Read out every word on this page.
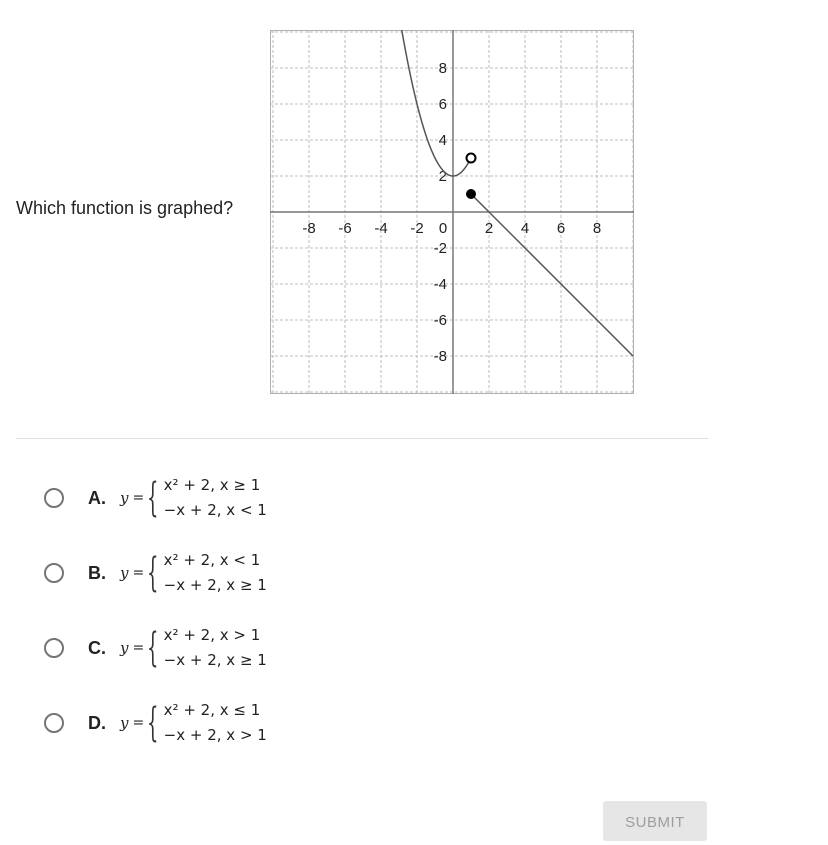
Which function is graphed?
-8 -6 -4 -2 0	2 4 6 8
8
6
4
2
-2
-4
-6
-8
A. y = { x² + 2, x ≥ 1
−x + 2, x < 1
B. y = { x² + 2, x < 1
−x + 2, x ≥ 1
C. y = { x² + 2, x > 1
−x + 2, x ≥ 1
D. y = { x² + 2, x ≤ 1
−x + 2, x > 1
SUBMIT
